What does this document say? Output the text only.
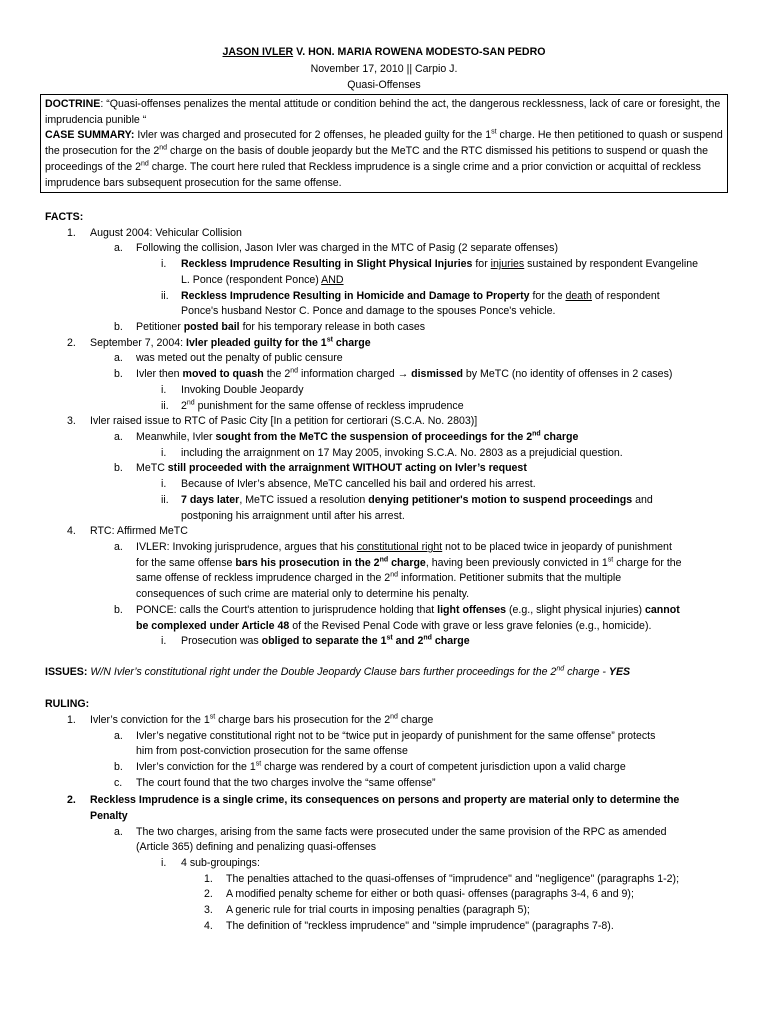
JASON IVLER V. HON. MARIA ROWENA MODESTO-SAN PEDRO
November 17, 2010 || Carpio J.
Quasi-Offenses

DOCTRINE: “Quasi-offenses penalizes the mental attitude or condition behind the act, the dangerous recklessness, lack of care or foresight, the imprudencia punible “

CASE SUMMARY: Ivler was charged and prosecuted for 2 offenses, he pleaded guilty for the 1st charge. He then petitioned to quash or suspend the prosecution for the 2nd charge on the basis of double jeopardy but the MeTC and the RTC dismissed his petitions to suspend or quash the proceedings of the 2nd charge. The court here ruled that Reckless imprudence is a single crime and a prior conviction or acquittal of reckless imprudence bars subsequent prosecution for the same offense.

FACTS:
1. August 2004: Vehicular Collision
a. Following the collision, Jason Ivler was charged in the MTC of Pasig (2 separate offenses)
i. Reckless Imprudence Resulting in Slight Physical Injuries for injuries sustained by respondent Evangeline
L. Ponce (respondent Ponce) AND
ii. Reckless Imprudence Resulting in Homicide and Damage to Property for the death of respondent
Ponce's husband Nestor C. Ponce and damage to the spouses Ponce's vehicle.
b. Petitioner posted bail for his temporary release in both cases
2. September 7, 2004: Ivler pleaded guilty for the 1st charge
a. was meted out the penalty of public censure
b. Ivler then moved to quash the 2nd information charged → dismissed by MeTC (no identity of offenses in 2 cases)
i. Invoking Double Jeopardy
ii. 2nd punishment for the same offense of reckless imprudence
3. Ivler raised issue to RTC of Pasic City [In a petition for certiorari (S.C.A. No. 2803)]
a. Meanwhile, Ivler sought from the MeTC the suspension of proceedings for the 2nd charge
i. including the arraignment on 17 May 2005, invoking S.C.A. No. 2803 as a prejudicial question.
b. MeTC still proceeded with the arraignment WITHOUT acting on Ivler’s request
i. Because of Ivler’s absence, MeTC cancelled his bail and ordered his arrest.
ii. 7 days later, MeTC issued a resolution denying petitioner's motion to suspend proceedings and
postponing his arraignment until after his arrest.
4. RTC: Affirmed MeTC
a. IVLER: Invoking jurisprudence, argues that his constitutional right not to be placed twice in jeopardy of punishment
for the same offense bars his prosecution in the 2nd charge, having been previously convicted in 1st charge for the
same offense of reckless imprudence charged in the 2nd information. Petitioner submits that the multiple
consequences of such crime are material only to determine his penalty.
b. PONCE: calls the Court's attention to jurisprudence holding that light offenses (e.g., slight physical injuries) cannot
be complexed under Article 48 of the Revised Penal Code with grave or less grave felonies (e.g., homicide).
i. Prosecution was obliged to separate the 1st and 2nd charge
ISSUES: W/N Ivler’s constitutional right under the Double Jeopardy Clause bars further proceedings for the 2nd charge - YES
RULING:
1. Ivler’s conviction for the 1st charge bars his prosecution for the 2nd charge
a. Ivler’s negative constitutional right not to be “twice put in jeopardy of punishment for the same offense” protects
him from post-conviction prosecution for the same offense
b. Ivler’s conviction for the 1st charge was rendered by a court of competent jurisdiction upon a valid charge
c. The court found that the two charges involve the “same offense”
2. Reckless Imprudence is a single crime, its consequences on persons and property are material only to determine the
Penalty
a. The two charges, arising from the same facts were prosecuted under the same provision of the RPC as amended
(Article 365) defining and penalizing quasi-offenses
i. 4 sub-groupings:
1. The penalties attached to the quasi-offenses of "imprudence" and "negligence" (paragraphs 1-2);
2. A modified penalty scheme for either or both quasi- offenses (paragraphs 3-4, 6 and 9);
3. A generic rule for trial courts in imposing penalties (paragraph 5);
4. The definition of "reckless imprudence" and "simple imprudence" (paragraphs 7-8).
